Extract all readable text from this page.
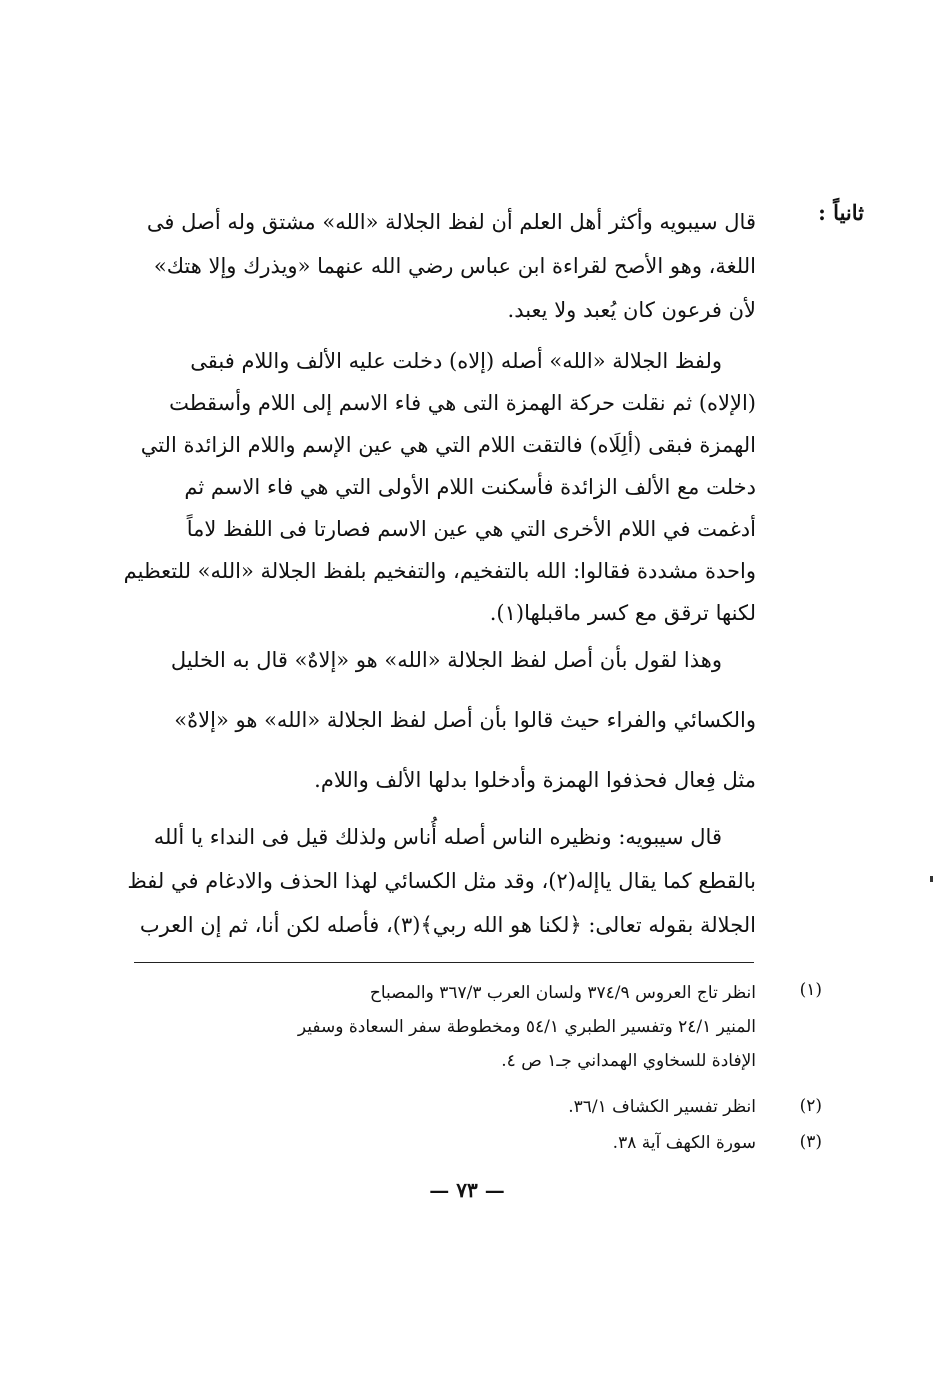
ثانياً :
قال سيبويه وأكثر أهل العلم أن لفظ الجلالة «الله» مشتق وله أصل فى
اللغة، وهو الأصح لقراءة ابن عباس رضي الله عنهما «ويذرك وإلا هتك»
لأن فرعون كان يُعبد ولا يعبد.
ولفظ الجلالة «الله» أصله (إلاه) دخلت عليه الألف واللام فبقى
(الإلاه) ثم نقلت حركة الهمزة التى هي فاء الاسم إلى اللام وأسقطت
الهمزة فبقى (ألِلَاه) فالتقت اللام التي هي عين الإسم واللام الزائدة التي
دخلت مع الألف الزائدة فأسكنت اللام الأولى التي هي فاء الاسم ثم
أدغمت في اللام الأخرى التي هي عين الاسم فصارتا فى اللفظ لاماً
واحدة مشددة فقالوا: الله بالتفخيم، والتفخيم بلفظ الجلالة «الله» للتعظيم
لكنها ترقق مع كسر ماقبلها(١).
وهذا لقول بأن أصل لفظ الجلالة «الله» هو «إلاهٌ» قال به الخليل
والكسائي والفراء حيث قالوا بأن أصل لفظ الجلالة «الله» هو «إلاهٌ»
مثل فِعال فحذفوا الهمزة وأدخلوا بدلها الألف واللام.
قال سيبويه: ونظيره الناس أصله أُناس ولذلك قيل فى النداء يا ألله
بالقطع كما يقال ياإله(٢)، وقد مثل الكسائي لهذا الحذف والادغام في لفظ
الجلالة بقوله تعالى: ﴿لكنا هو الله ربي﴾(٣)، فأصله لكن أنا، ثم إن العرب
(١)
انظر تاج العروس ٣٧٤/٩ ولسان العرب ٣٦٧/٣ والمصباح
المنير ٢٤/١ وتفسير الطبري ٥٤/١ ومخطوطة سفر السعادة وسفير
الإفادة للسخاوي الهمداني جـ١ ص ٤.
(٢)
انظر تفسير الكشاف ٣٦/١.
(٣)
سورة الكهف آية ٣٨.
— ٧٣ —
